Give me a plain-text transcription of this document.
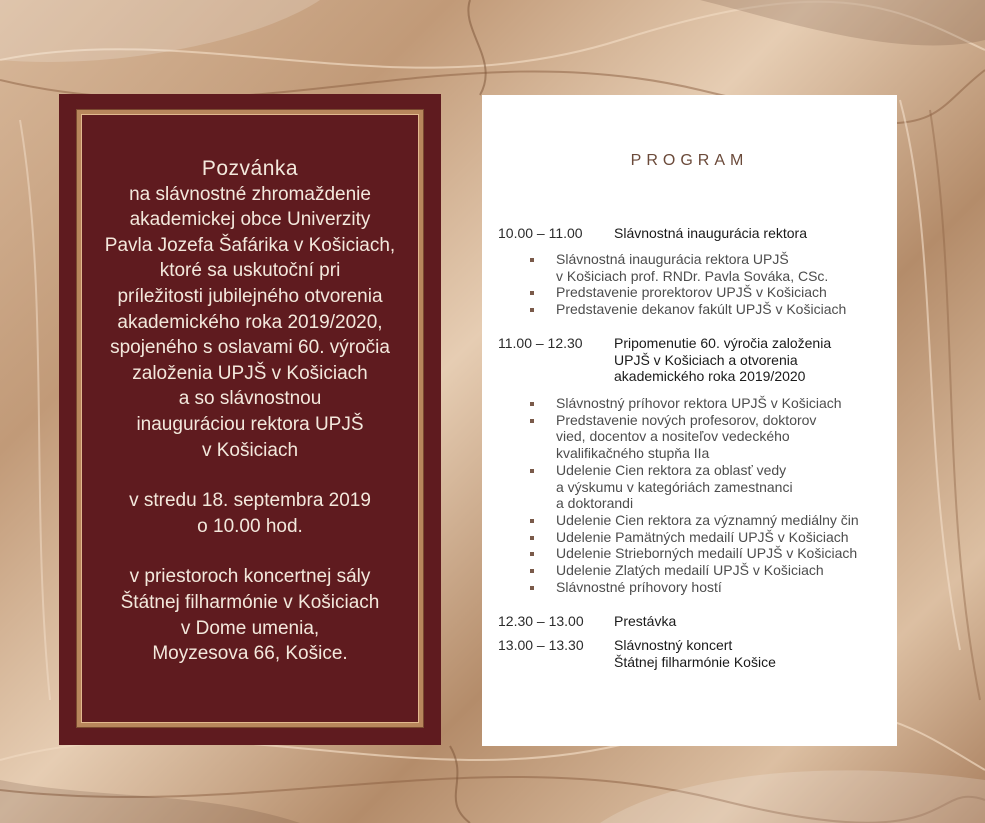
Pozvánka
na slávnostné zhromaždenie
akademickej obce Univerzity
Pavla Jozefa Šafárika v Košiciach,
ktoré sa uskutoční pri
príležitosti jubilejného otvorenia
akademického roka 2019/2020,
spojeného s oslavami 60. výročia
založenia UPJŠ v Košiciach
a so slávnostnou
inauguráciou rektora UPJŠ
v Košiciach
v stredu 18. septembra 2019
o 10.00 hod.
v priestoroch koncertnej sály
Štátnej filharmónie v Košiciach
v Dome umenia,
Moyzesova 66, Košice.
PROGRAM
10.00 – 11.00	Slávnostná inaugurácia rektora
Slávnostná inaugurácia rektora UPJŠ
v Košiciach prof. RNDr. Pavla Sováka, CSc.
Predstavenie prorektorov UPJŠ v Košiciach
Predstavenie dekanov fakúlt UPJŠ v Košiciach
11.00 – 12.30	Pripomenutie 60. výročia založenia
UPJŠ v Košiciach a otvorenia
akademického roka 2019/2020
Slávnostný príhovor rektora UPJŠ v Košiciach
Predstavenie nových profesorov, doktorov
vied, docentov a nositeľov vedeckého
kvalifikačného stupňa IIa
Udelenie Cien rektora za oblasť vedy
a výskumu v kategóriách zamestnanci
a doktorandi
Udelenie Cien rektora za významný mediálny čin
Udelenie Pamätných medailí UPJŠ v Košiciach
Udelenie Strieborných medailí UPJŠ v Košiciach
Udelenie Zlatých medailí UPJŠ v Košiciach
Slávnostné príhovory hostí
12.30 – 13.00	Prestávka
13.00 – 13.30	Slávnostný koncert
Štátnej filharmónie Košice
